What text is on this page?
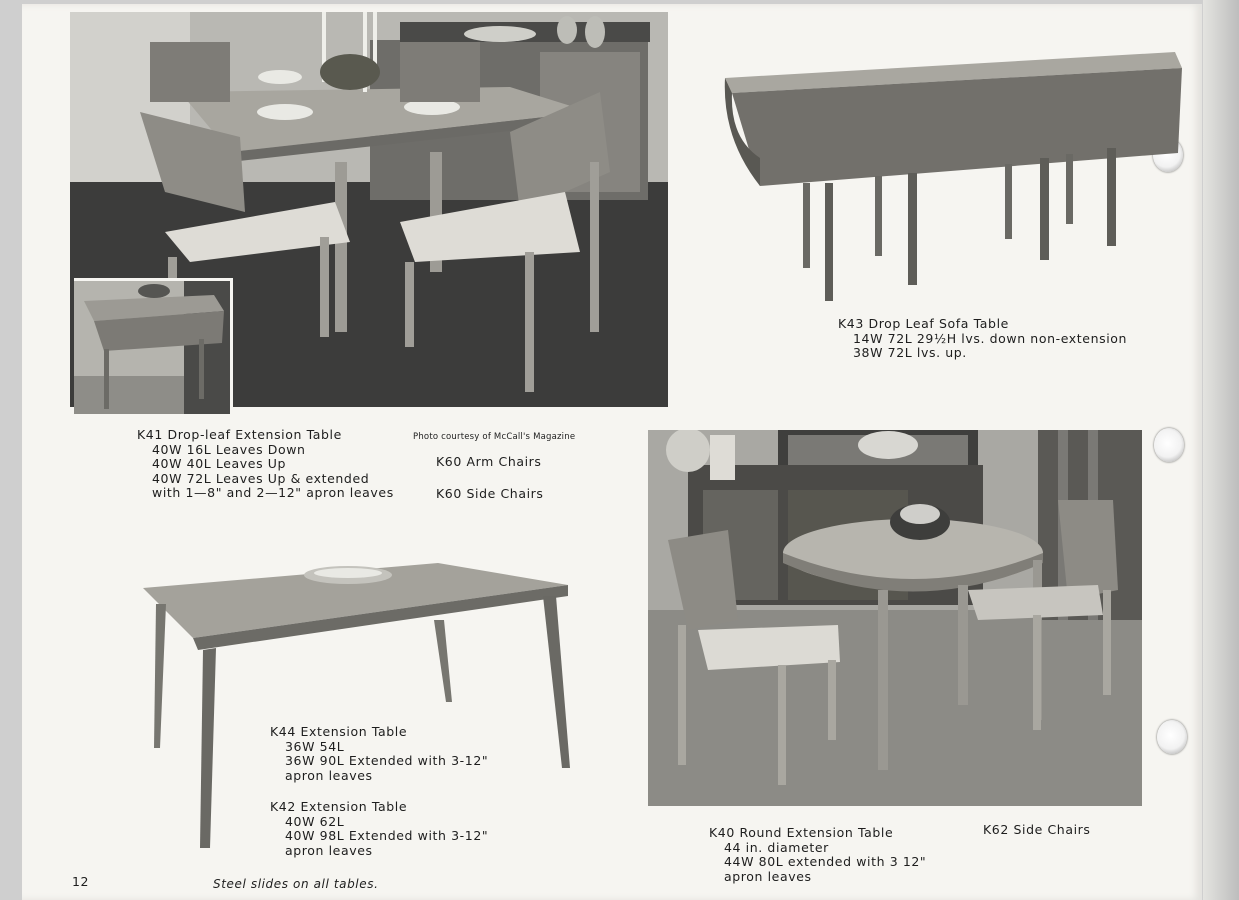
K41 Drop-leaf Extension Table
40W 16L Leaves Down
40W 40L Leaves Up
40W 72L Leaves Up & extended
with 1—8" and 2—12" apron leaves
Photo courtesy of McCall's Magazine
K60 Arm Chairs
K60 Side Chairs
K43 Drop Leaf Sofa Table
14W 72L 29½H lvs. down non-extension
38W 72L lvs. up.
K44 Extension Table
36W 54L
36W 90L Extended with 3-12"
apron leaves
K42 Extension Table
40W 62L
40W 98L Extended with 3-12"
apron leaves
K40 Round Extension Table
44 in. diameter
44W 80L extended with 3 12"
apron leaves
K62 Side Chairs
12	Steel slides on all tables.
